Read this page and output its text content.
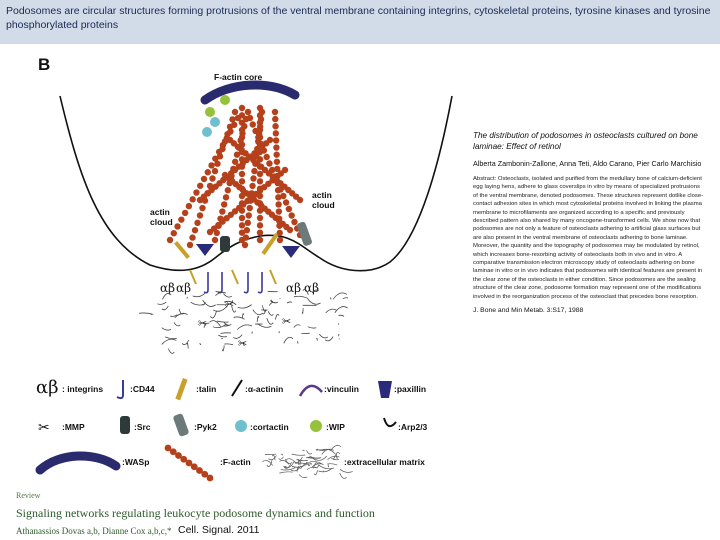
Podosomes are circular structures forming protrusions of the ventral membrane containing integrins, cytoskeletal proteins, tyrosine kinases and tyrosine phosphorylated proteins
B
F-actin core
actin cloud
actin cloud
αβ αβ	αβ αβ
✂	✂
✂
✂
αβ : integrins	:CD44	:talin	:α-actinin	:vinculin	:paxillin
✂ :MMP	:Src	:Pyk2	:cortactin	:WIP	:Arp2/3
:WASp	:F-actin	:extracellular matrix
The distribution of podosomes in osteoclasts cultured on bone laminae: Effect of retinol
Alberta Zambonin-Zallone, Anna Teti, Aldo Carano, Pier Carlo Marchisio
Abstract: Osteoclasts, isolated and purified from the medullary bone of calcium-deficient egg laying hens, adhere to glass coverslips in vitro by means of specialized protrusions of the ventral membrane, denoted podosomes. These structures represent dotlike close-contact adhesion sites in which most cytoskeletal proteins involved in linking the plasma membrane to microfilaments are organized according to a specific and previously described pattern also shared by many oncogene-transformed cells. We show now that podosomes are not only a feature of osteoclasts adhering to artificial glass surfaces but are also present in the ventral membrane of osteoclasts adhering to bone laminae. Moreover, the quantity and the topography of podosomes may be modulated by retinol, which increases bone-resorbing activity of osteoclasts both in vivo and in vitro. A comparative transmission electron microscopy study of osteoclasts adhering on bone laminae in vitro or in vivo indicates that podosomes with identical features are present in the clear zone of the osteoclasts in either condition. Since podosomes are the sealing structure of the clear zone, podosome formation may represent one of the modifications involved in the reorganization process of the osteoclast that precedes bone resorption.
J. Bone and Min Metab. 3:S17, 1988
Review
Signaling networks regulating leukocyte podosome dynamics and function
Athanassios Dovas a,b, Dianne Cox a,b,c,* Cell. Signal. 2011
